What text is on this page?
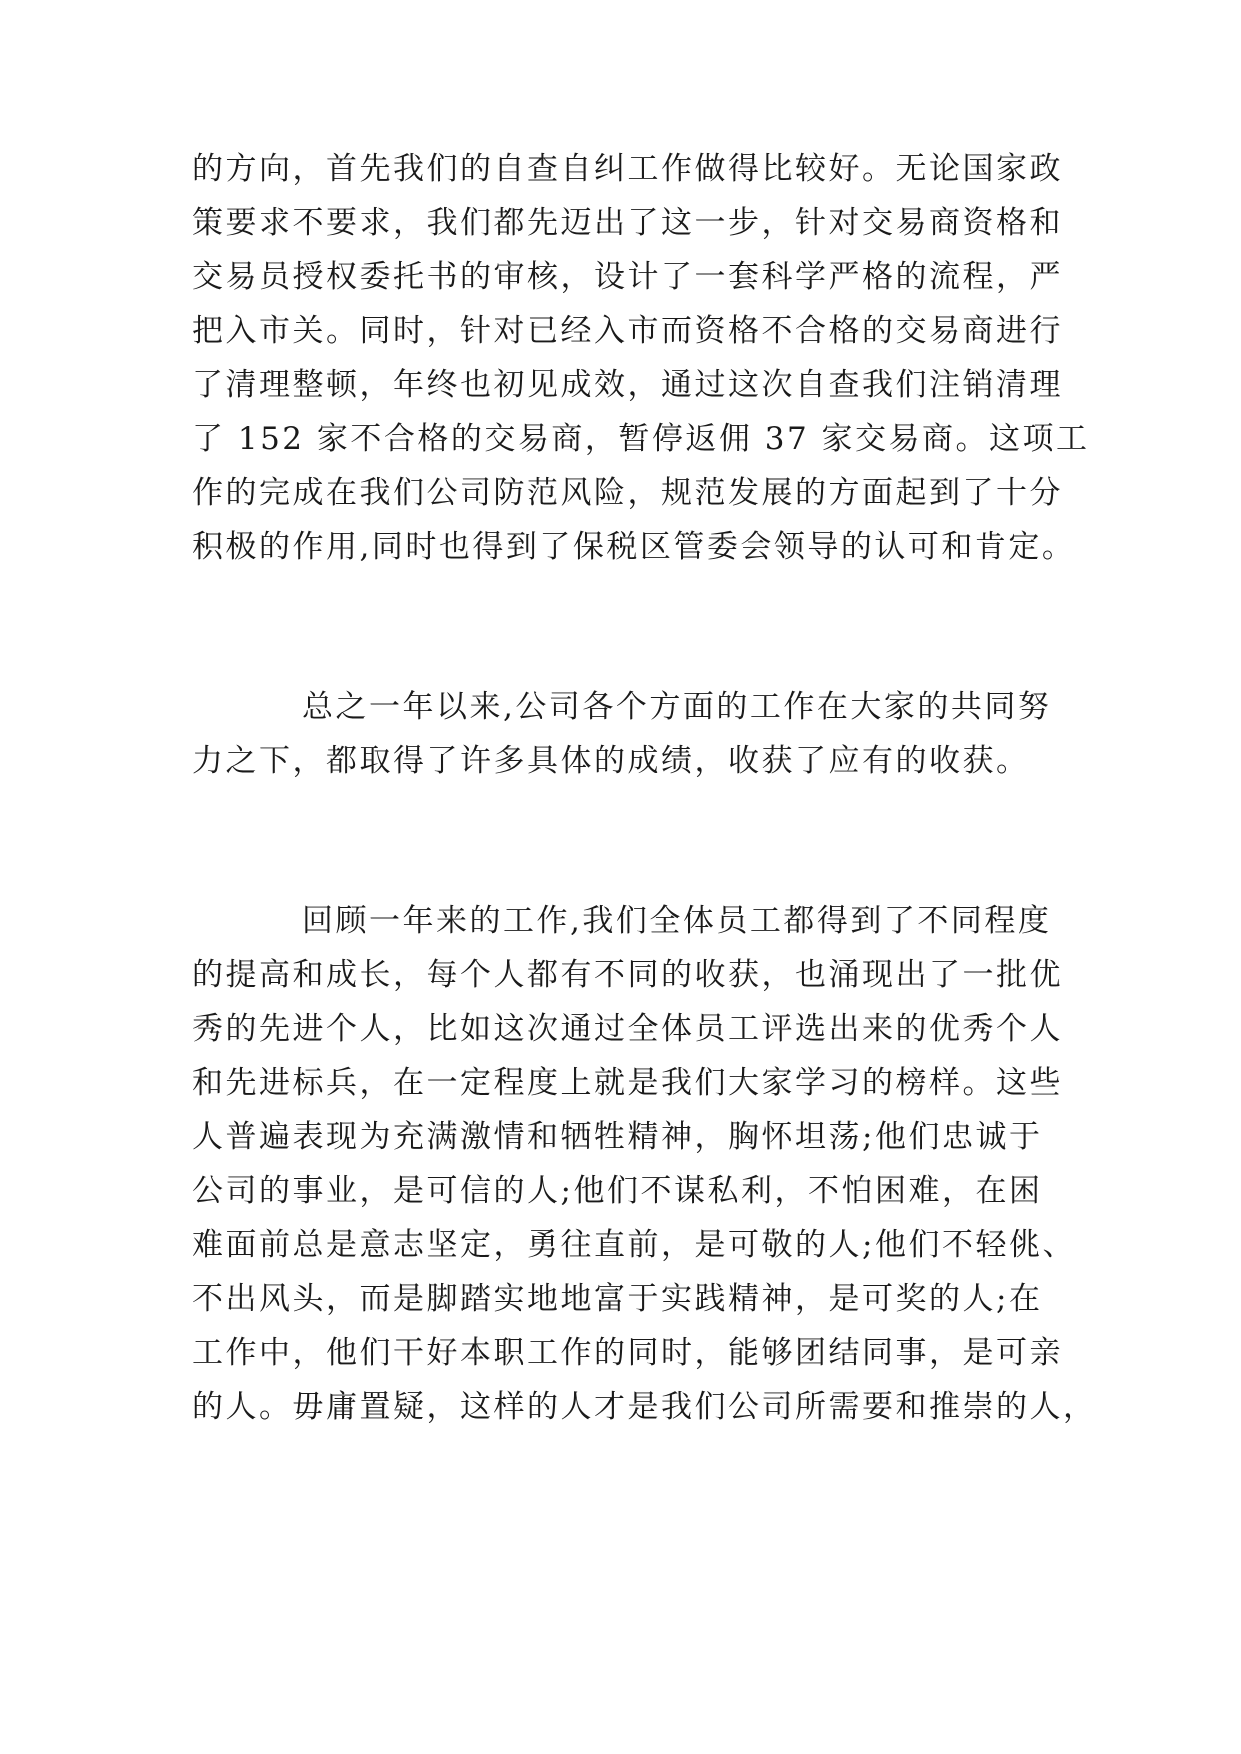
的方向，首先我们的自查自纠工作做得比较好。无论国家政

策要求不要求，我们都先迈出了这一步，针对交易商资格和

交易员授权委托书的审核，设计了一套科学严格的流程，严

把入市关。同时，针对已经入市而资格不合格的交易商进行

了清理整顿，年终也初见成效，通过这次自查我们注销清理

了 152 家不合格的交易商，暂停返佣 37 家交易商。这项工

作的完成在我们公司防范风险，规范发展的方面起到了十分

积极的作用,同时也得到了保税区管委会领导的认可和肯定。

总之一年以来,公司各个方面的工作在大家的共同努

力之下，都取得了许多具体的成绩，收获了应有的收获。

回顾一年来的工作,我们全体员工都得到了不同程度

的提高和成长，每个人都有不同的收获，也涌现出了一批优

秀的先进个人，比如这次通过全体员工评选出来的优秀个人

和先进标兵，在一定程度上就是我们大家学习的榜样。这些

人普遍表现为充满激情和牺牲精神，胸怀坦荡;他们忠诚于

公司的事业，是可信的人;他们不谋私利，不怕困难，在困

难面前总是意志坚定，勇往直前，是可敬的人;他们不轻佻、

不出风头，而是脚踏实地地富于实践精神，是可奖的人;在

工作中，他们干好本职工作的同时，能够团结同事，是可亲

的人。毋庸置疑，这样的人才是我们公司所需要和推崇的人，
